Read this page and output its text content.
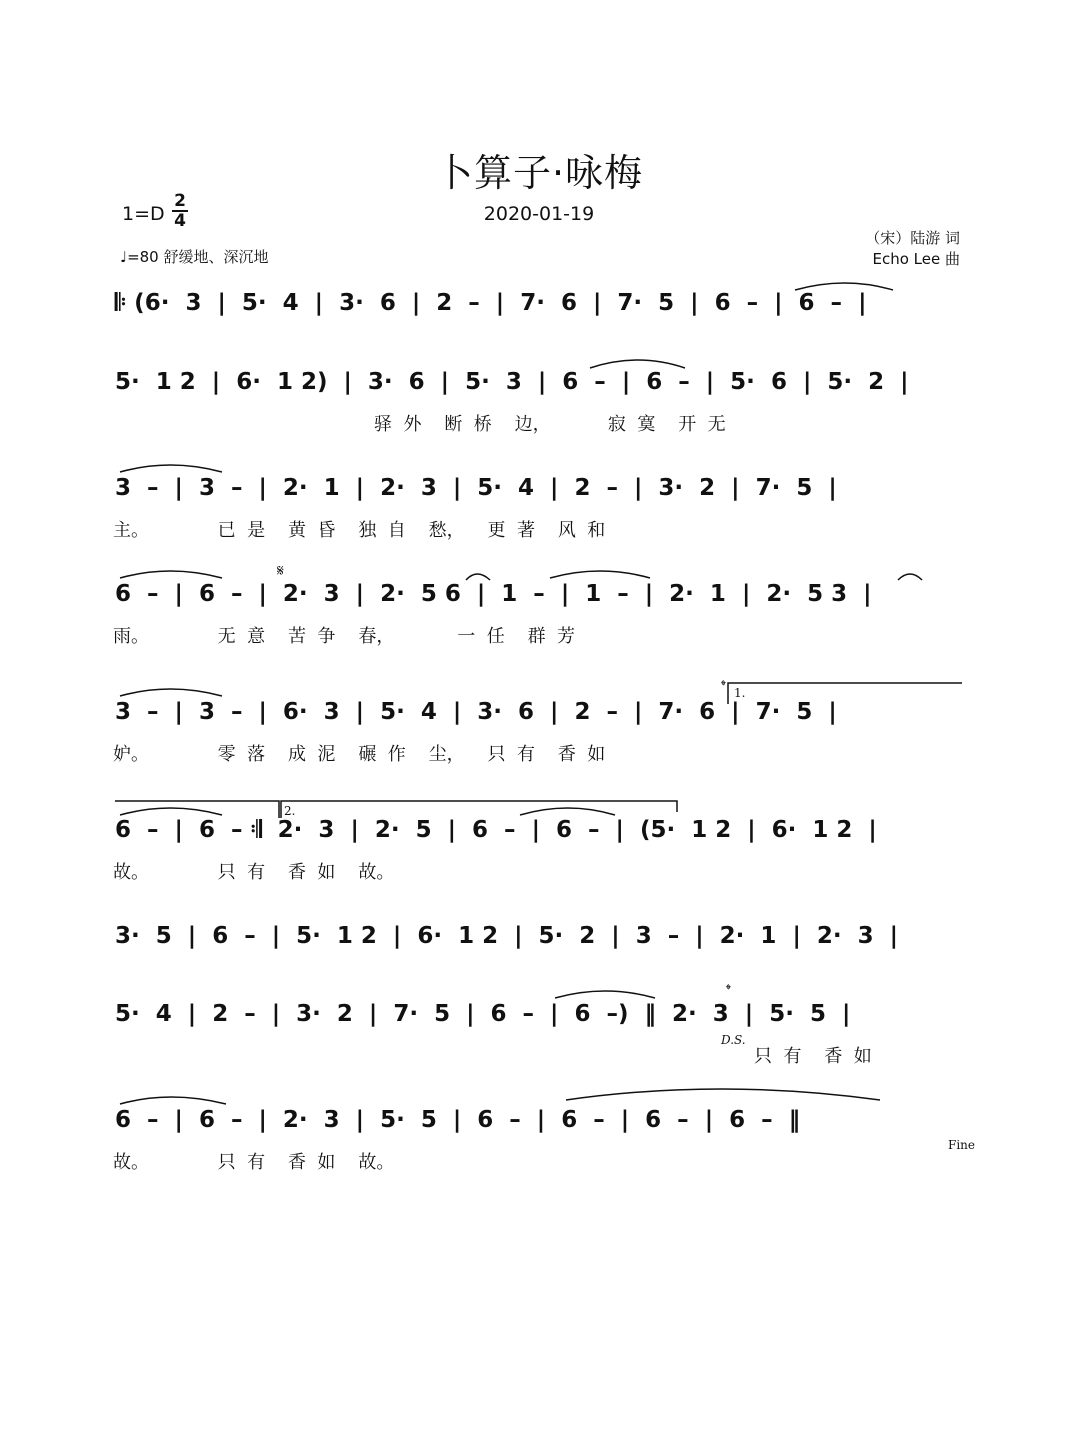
卜算子·咏梅
2020-01-19
1=D
2
4
♩=80 舒缓地、深沉地
（宋）陆游 词
Echo Lee 曲
𝄆 (6·  3  |  5·  4  |  3·  6  |  2  –  |  7·  6  |  7·  5  |  6  –  |  6  –  |
5·  1 2  |  6·  1 2)  |  3·  6  |  5·  3  |  6  –  |  6  –  |  5·  6  |  5·  2  |
驿  外    断  桥    边，          寂  寞    开  无
3  –  |  3  –  |  2·  1  |  2·  3  |  5·  4  |  2  –  |  3·  2  |  7·  5  |
主。            已  是    黄  昏    独  自    愁，    更  著    风  和
𝄋
6  –  |  6  –  |  2·  3  |  2·  5 6  |  1  –  |  1  –  |  2·  1  |  2·  5 3  |
雨。            无  意    苦  争    春，           一  任    群  芳
𝄌 1.
3  –  |  3  –  |  6·  3  |  5·  4  |  3·  6  |  2  –  |  7·  6  |  7·  5  |
妒。            零  落    成  泥    碾  作    尘，    只  有    香  如
2.
6  –  |  6  – 𝄇  2·  3  |  2·  5  |  6  –  |  6  –  |  (5·  1 2  |  6·  1 2  |
故。            只  有    香  如    故。
3·  5  |  6  –  |  5·  1 2  |  6·  1 2  |  5·  2  |  3  –  |  2·  1  |  2·  3  |
𝄌
5·  4  |  2  –  |  3·  2  |  7·  5  |  6  –  |  6  –)  ‖  2·  3  |  5·  5  |
D.S.
只  有    香  如
6  –  |  6  –  |  2·  3  |  5·  5  |  6  –  |  6  –  |  6  –  |  6  –  ‖
Fine
故。            只  有    香  如    故。
